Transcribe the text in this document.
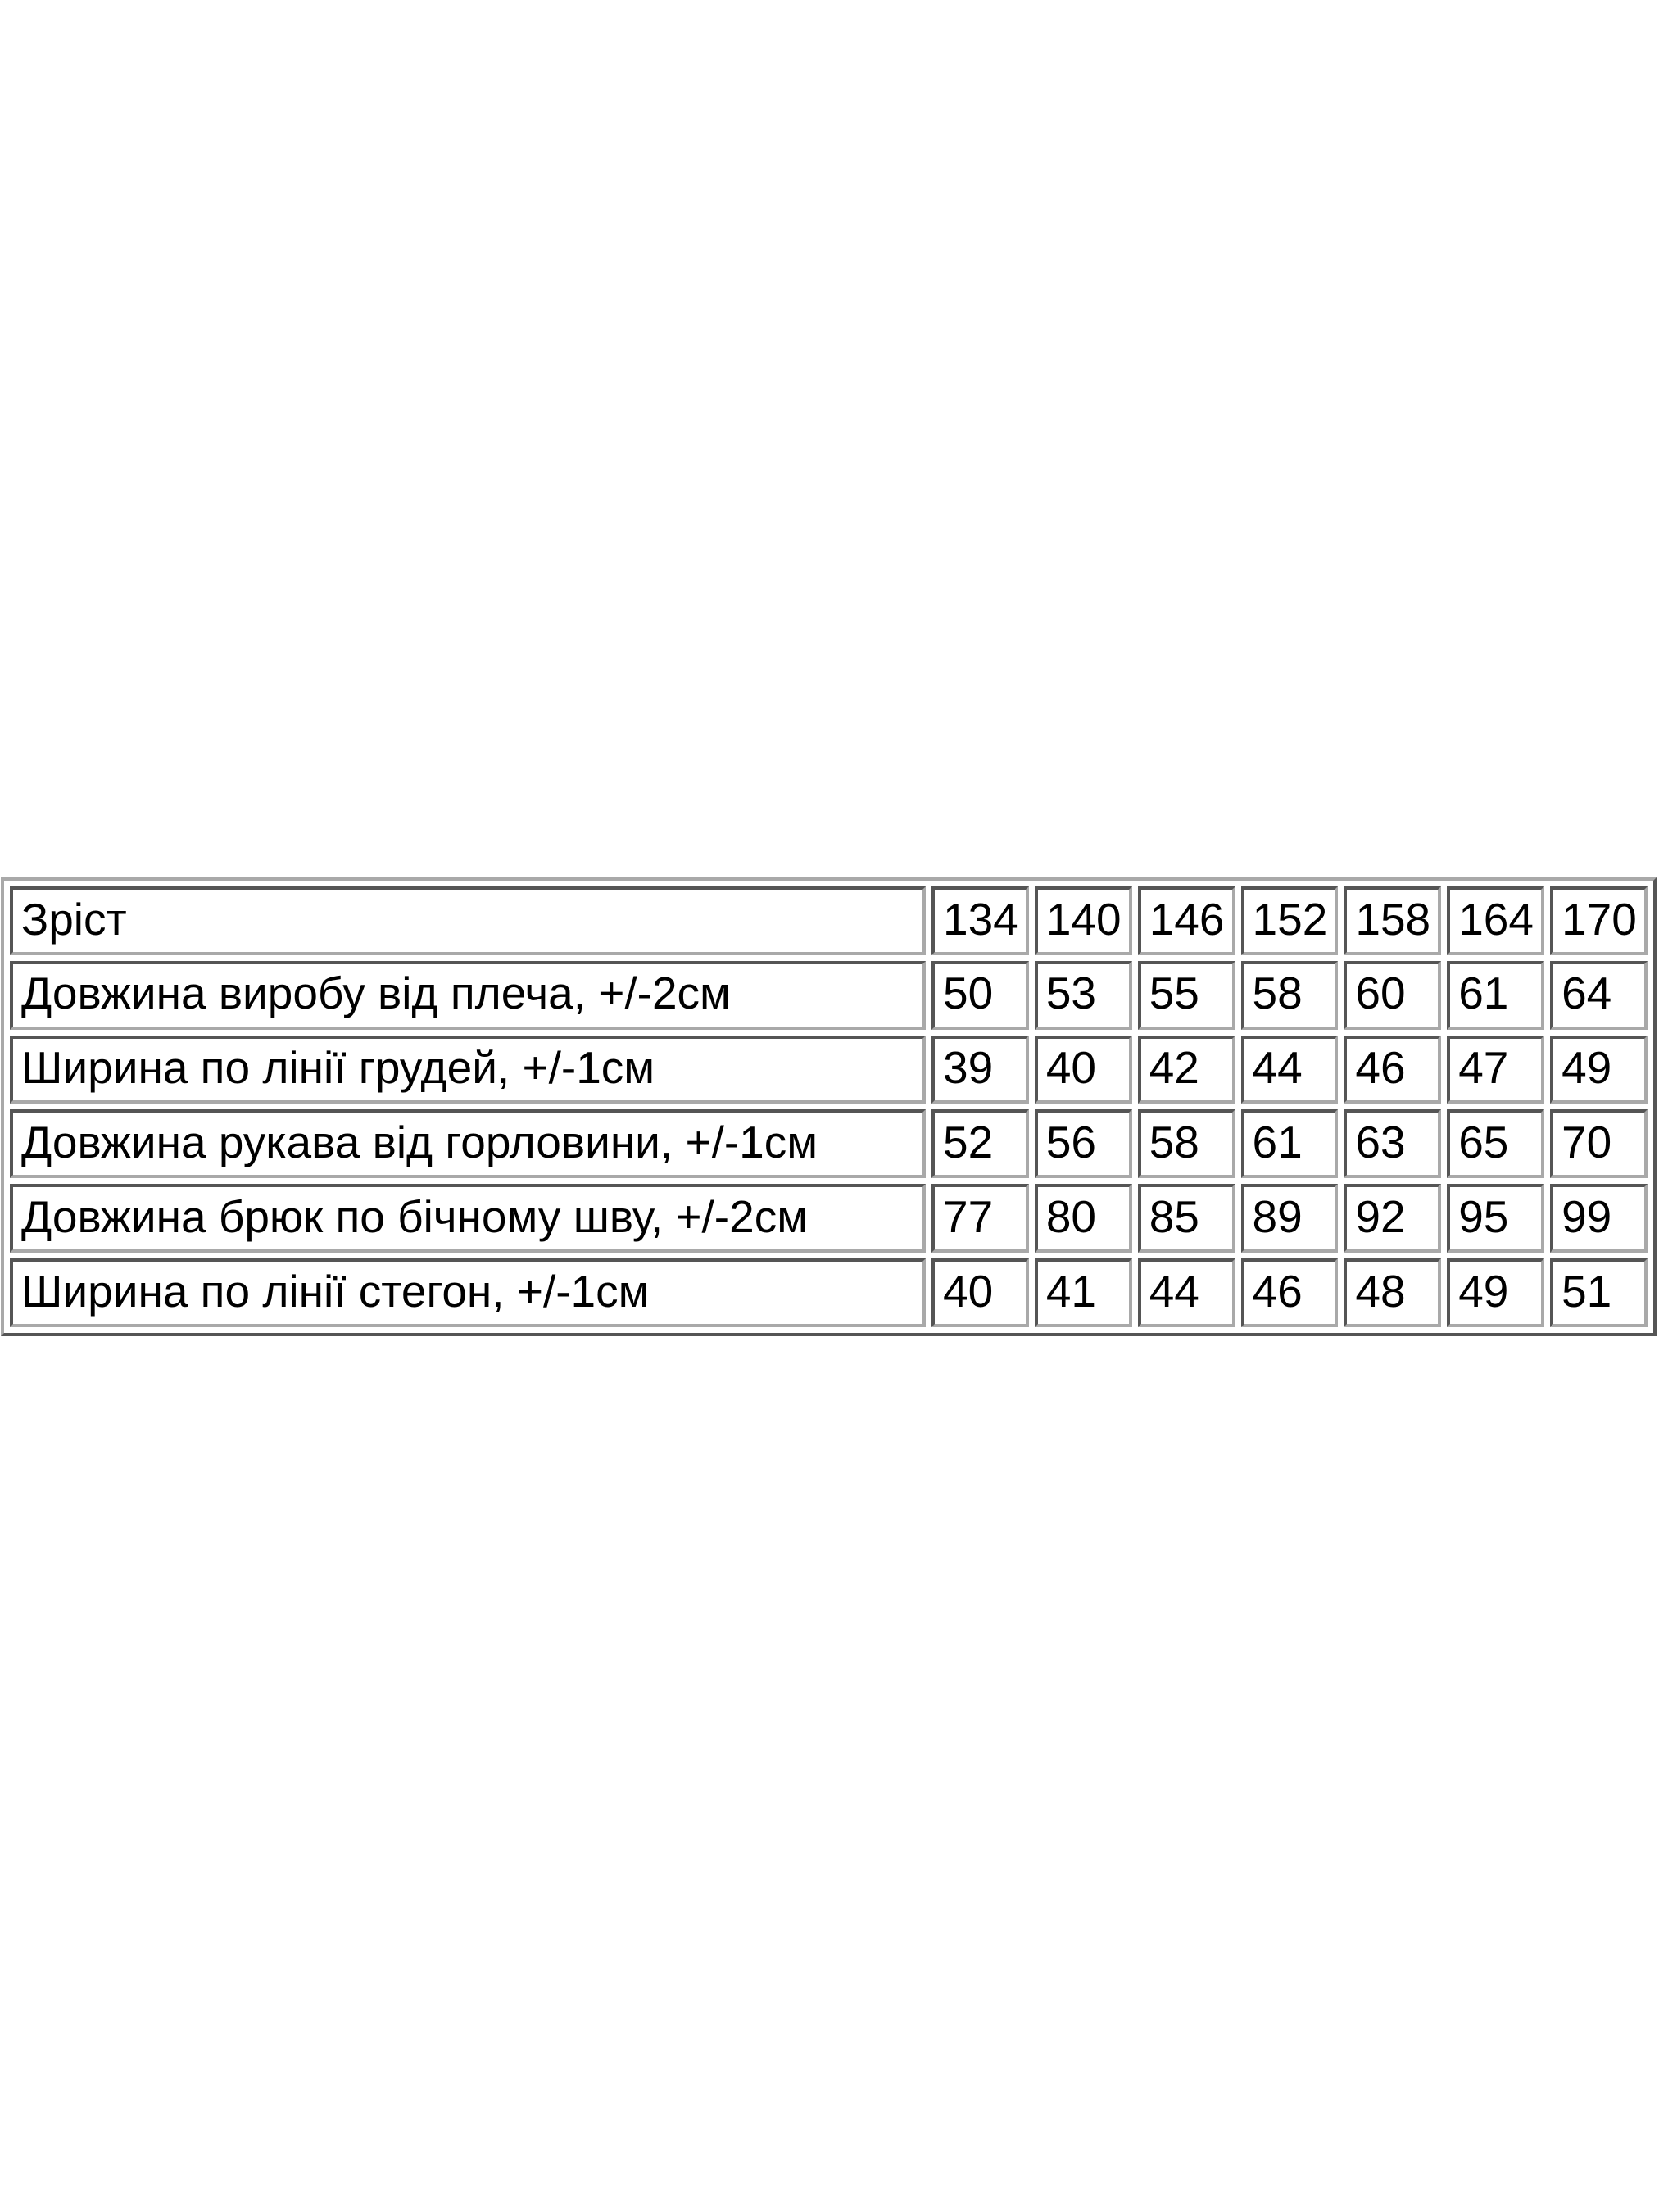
Зріст	134	140	146	152	158	164	170
Довжина виробу від плеча, +/-2см	50	53	55	58	60	61	64
Ширина по лінії грудей, +/-1см	39	40	42	44	46	47	49
Довжина рукава від горловини, +/-1см	52	56	58	61	63	65	70
Довжина брюк по бічному шву, +/-2см	77	80	85	89	92	95	99
Ширина по лінії стегон, +/-1см	40	41	44	46	48	49	51
